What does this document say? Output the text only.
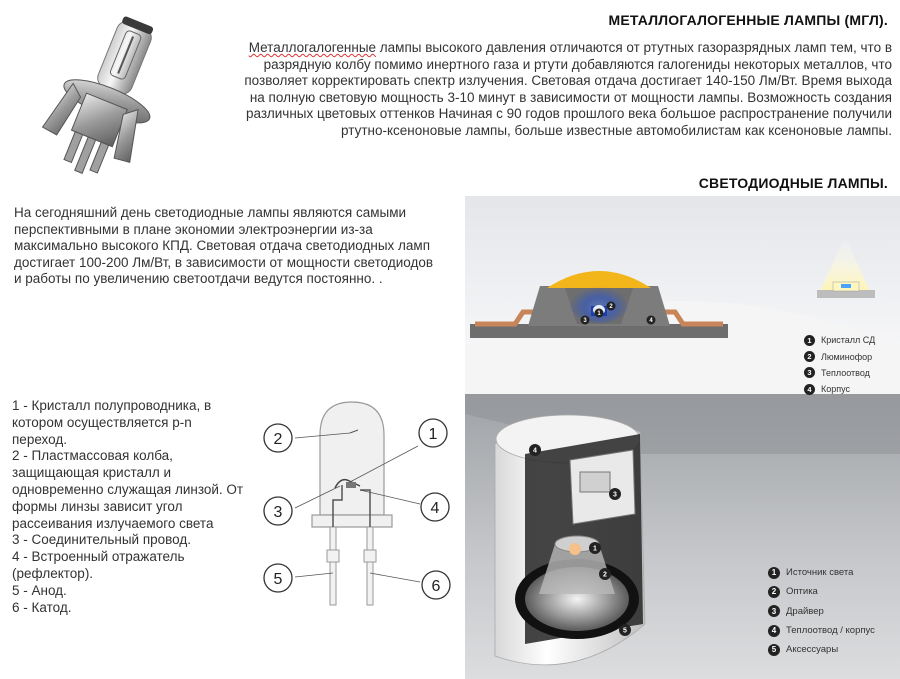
МЕТАЛЛОГАЛОГЕННЫЕ ЛАМПЫ (МГЛ).
СВЕТОДИОДНЫЕ ЛАМПЫ.
Металлогалогенные лампы высокого давления отличаются от ртутных газоразрядных ламп тем, что в разрядную колбу помимо инертного газа и ртути добавляются галогениды некоторых металлов, что позволяет корректировать спектр излучения. Световая отдача достигает 140-150 Лм/Вт. Время выхода на полную световую мощность 3-10 минут в зависимости от мощности лампы. Возможность создания различных цветовых оттенков Начиная с 90 годов прошлого века большое распространение получили ртутно-ксеноновые лампы, больше известные автомобилистам как ксеноновые лампы.
На сегодняшний день светодиодные лампы являются самыми перспективными в плане экономии электроэнергии из-за максимально высокого КПД. Световая отдача светодиодных ламп достигает 100-200 Лм/Вт, в зависимости от мощности светодиодов и работы по увеличению светоотдачи ведутся постоянно. .
1 - Кристалл полупроводника, в котором осуществляется p-n переход.
2 - Пластмассовая колба, защищающая кристалл и одновременно служащая линзой. От формы линзы зависит угол рассеивания излучаемого света
3 - Соединительный провод.
4 - Встроенный отражатель (рефлектор).
5 - Анод.
6 - Катод.
2	1
3	4
5	6
1
3
2
4
4
1
2
3
5
1	Кристалл СД
2	Люминофор
3	Теплоотвод
4	Корпус
1	Источник света
2	Оптика
3	Драйвер
4	Теплоотвод / корпус
5	Аксессуары
